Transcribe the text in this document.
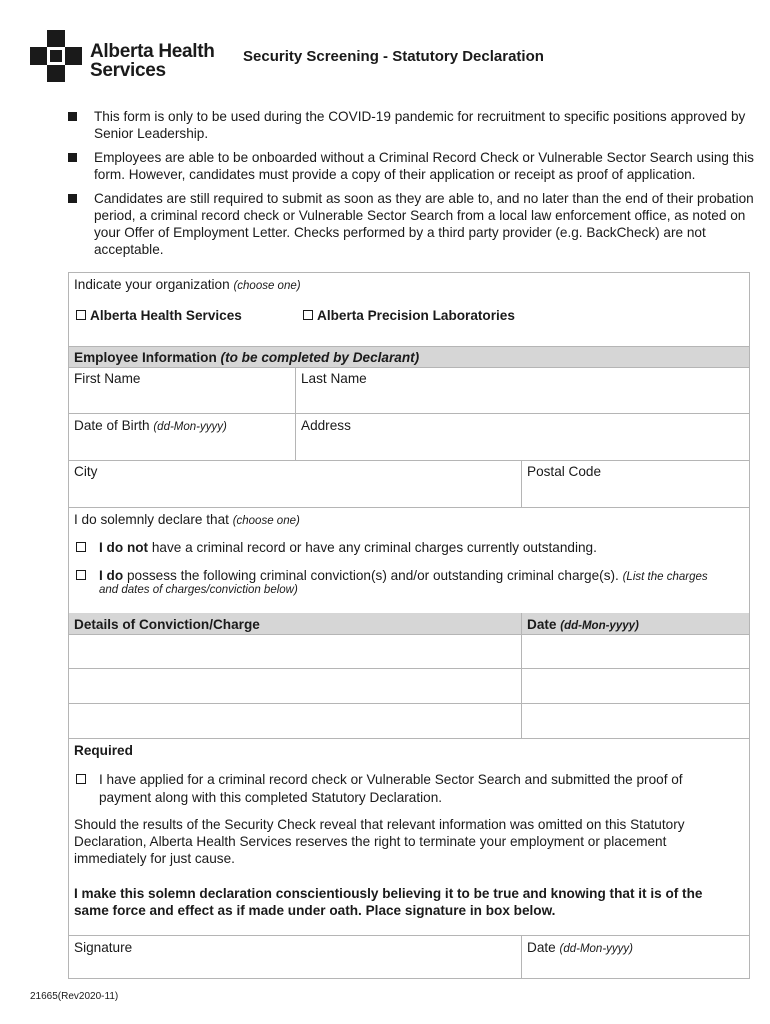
Alberta Health
Services
Security Screening - Statutory Declaration
This form is only to be used during the COVID-19 pandemic for recruitment to specific positions approved by Senior Leadership.
Employees are able to be onboarded without a Criminal Record Check or Vulnerable Sector Search using this form. However, candidates must provide a copy of their application or receipt as proof of application.
Candidates are still required to submit as soon as they are able to, and no later than the end of their probation period, a criminal record check or Vulnerable Sector Search from a local law enforcement office, as noted on your Offer of Employment Letter. Checks performed by a third party provider (e.g. BackCheck) are not acceptable.
Indicate your organization (choose one)
Alberta Health Services	Alberta Precision Laboratories
Employee Information (to be completed by Declarant)
First Name	Last Name
Date of Birth (dd-Mon-yyyy)	Address
City	Postal Code
I do solemnly declare that (choose one)
I do not have a criminal record or have any criminal charges currently outstanding.
I do possess the following criminal conviction(s) and/or outstanding criminal charge(s). (List the charges
and dates of charges/conviction below)
Details of Conviction/Charge	Date (dd-Mon-yyyy)
Required
I have applied for a criminal record check or Vulnerable Sector Search and submitted the proof of
payment along with this completed Statutory Declaration.
Should the results of the Security Check reveal that relevant information was omitted on this Statutory Declaration, Alberta Health Services reserves the right to terminate your employment or placement immediately for just cause.
I make this solemn declaration conscientiously believing it to be true and knowing that it is of the same force and effect as if made under oath. Place signature in box below.
Signature	Date (dd-Mon-yyyy)
21665(Rev2020-11)
